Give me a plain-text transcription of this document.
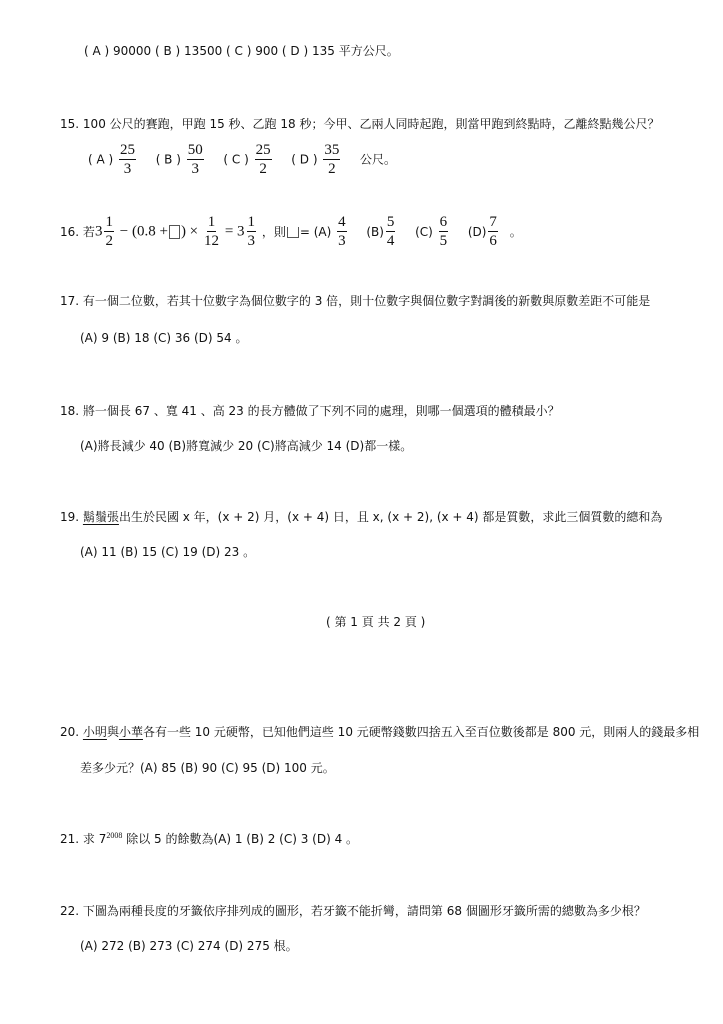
( A ) 90000 ( B ) 13500 ( C ) 900 ( D ) 135 平方公尺。
15. 100 公尺的賽跑，甲跑 15 秒、乙跑 18 秒；今甲、乙兩人同時起跑，則當甲跑到終點時，乙離終點幾公尺？
( A ) $\frac{25}{3}$ ( B ) $\frac{50}{3}$ ( C ) $\frac{25}{2}$ ( D ) $\frac{35}{2}$ 公尺。
16. 若$3 \frac{1}{2} - (0.8$ + ) × $\frac{1}{12} = 3 \frac{1}{3}$ ，則 = $(A) \frac{4}{3} (B) \frac{5}{4} (C) \frac{6}{5} (D) \frac{7}{6}$ 。
17. 有一個二位數，若其十位數字為個位數字的 3 倍，則十位數字與個位數字對調後的新數與原數差距不可能是
(A) 9 (B) 18 (C) 36 (D) 54 。
18. 將一個長 67 、寬 41 、高 23 的長方體做了下列不同的處理，則哪一個選項的體積最小？
(A)將長減少 40 (B)將寬減少 20 (C)將高減少 14 (D)都一樣。
19. 鬍鬚張出生於民國 x 年，(x + 2) 月，(x + 4) 日，且 x, (x + 2), (x + 4) 都是質數，求此三個質數的總和為
(A) 11 (B) 15 (C) 19 (D) 23 。
( 第 1 頁 共 2 頁 )
20. 小明與小華各有一些 10 元硬幣，已知他們這些 10 元硬幣錢數四捨五入至百位數後都是 800 元，則兩人的錢最多相
差多少元？(A) 85 (B) 90 (C) 95 (D) 100 元。
21. 求 $7^{2008}$ 除以 5 的餘數為(A) 1 (B) 2 (C) 3 (D) 4 。
22. 下圖為兩種長度的牙籤依序排列成的圖形，若牙籤不能折彎，請問第 68 個圖形牙籤所需的總數為多少根？
(A) 272 (B) 273 (C) 274 (D) 275 根。
